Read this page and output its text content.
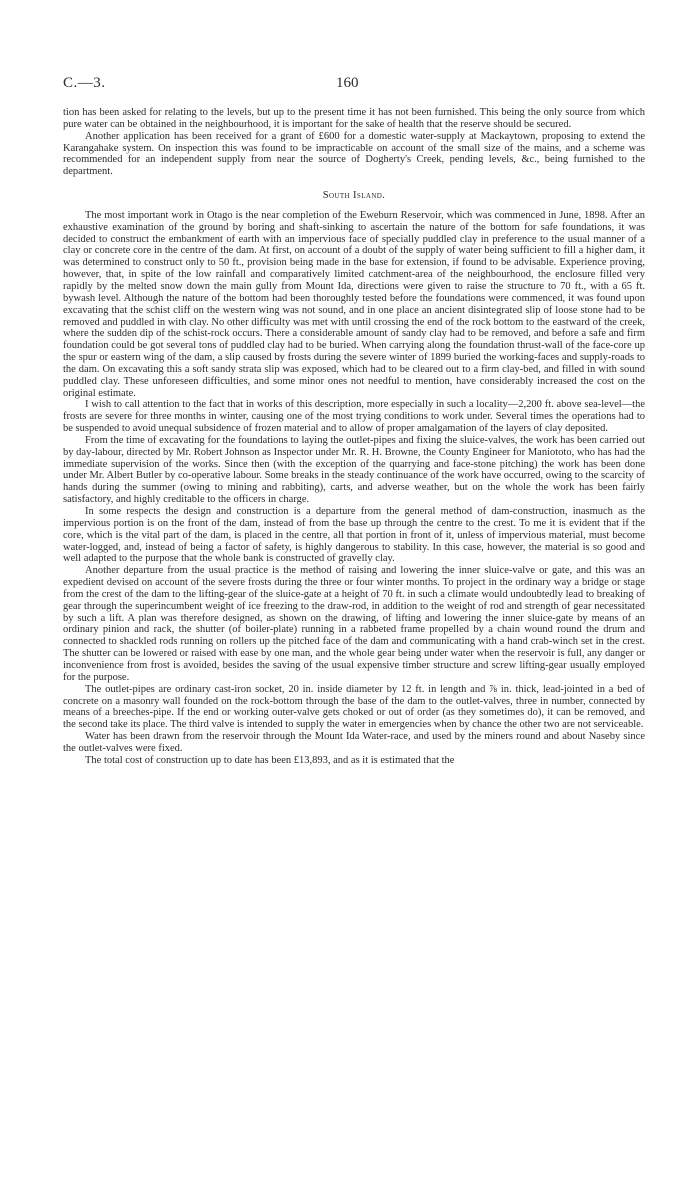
C.—3.	160

tion has been asked for relating to the levels, but up to the present time it has not been furnished. This being the only source from which pure water can be obtained in the neighbourhood, it is important for the sake of health that the reserve should be secured.

Another application has been received for a grant of £600 for a domestic water-supply at Mackaytown, proposing to extend the Karangahake system. On inspection this was found to be impracticable on account of the small size of the mains, and a scheme was recommended for an independent supply from near the source of Dogherty's Creek, pending levels, &c., being furnished to the department.

South Island.

The most important work in Otago is the near completion of the Eweburn Reservoir, which was commenced in June, 1898. After an exhaustive examination of the ground by boring and shaft-sinking to ascertain the nature of the bottom for safe foundations, it was decided to construct the embankment of earth with an impervious face of specially puddled clay in preference to the usual manner of a clay or concrete core in the centre of the dam. At first, on account of a doubt of the supply of water being sufficient to fill a higher dam, it was determined to construct only to 50 ft., provision being made in the base for extension, if found to be advisable. Experience proving, however, that, in spite of the low rainfall and comparatively limited catchment-area of the neighbourhood, the enclosure filled very rapidly by the melted snow down the main gully from Mount Ida, directions were given to raise the structure to 70 ft., with a 65 ft. bywash level. Although the nature of the bottom had been thoroughly tested before the foundations were commenced, it was found upon excavating that the schist cliff on the western wing was not sound, and in one place an ancient disintegrated slip of loose stone had to be removed and puddled in with clay. No other difficulty was met with until crossing the end of the rock bottom to the eastward of the creek, where the sudden dip of the schist-rock occurs. There a considerable amount of sandy clay had to be removed, and before a safe and firm foundation could be got several tons of puddled clay had to be buried. When carrying along the foundation thrust-wall of the face-core up the spur or eastern wing of the dam, a slip caused by frosts during the severe winter of 1899 buried the working-faces and supply-roads to the dam. On excavating this a soft sandy strata slip was exposed, which had to be cleared out to a firm clay-bed, and filled in with sound puddled clay. These unforeseen difficulties, and some minor ones not needful to mention, have considerably increased the cost on the original estimate.

I wish to call attention to the fact that in works of this description, more especially in such a locality—2,200 ft. above sea-level—the frosts are severe for three months in winter, causing one of the most trying conditions to work under. Several times the operations had to be suspended to avoid unequal subsidence of frozen material and to allow of proper amalgamation of the layers of clay deposited.

From the time of excavating for the foundations to laying the outlet-pipes and fixing the sluice-valves, the work has been carried out by day-labour, directed by Mr. Robert Johnson as Inspector under Mr. R. H. Browne, the County Engineer for Maniototo, who has had the immediate supervision of the works. Since then (with the exception of the quarrying and face-stone pitching) the work has been done under Mr. Albert Butler by co-operative labour. Some breaks in the steady continuance of the work have occurred, owing to the scarcity of hands during the summer (owing to mining and rabbiting), carts, and adverse weather, but on the whole the work has been fairly satisfactory, and highly creditable to the officers in charge.

In some respects the design and construction is a departure from the general method of dam-construction, inasmuch as the impervious portion is on the front of the dam, instead of from the base up through the centre to the crest. To me it is evident that if the core, which is the vital part of the dam, is placed in the centre, all that portion in front of it, unless of impervious material, must become water-logged, and, instead of being a factor of safety, is highly dangerous to stability. In this case, however, the material is so good and well adapted to the purpose that the whole bank is constructed of gravelly clay.

Another departure from the usual practice is the method of raising and lowering the inner sluice-valve or gate, and this was an expedient devised on account of the severe frosts during the three or four winter months. To project in the ordinary way a bridge or stage from the crest of the dam to the lifting-gear of the sluice-gate at a height of 70 ft. in such a climate would undoubtedly lead to breaking of gear through the superincumbent weight of ice freezing to the draw-rod, in addition to the weight of rod and strength of gear necessitated by such a lift. A plan was therefore designed, as shown on the drawing, of lifting and lowering the inner sluice-gate by means of an ordinary pinion and rack, the shutter (of boiler-plate) running in a rabbeted frame propelled by a chain wound round the drum and connected to shackled rods running on rollers up the pitched face of the dam and communicating with a hand crab-winch set in the crest. The shutter can be lowered or raised with ease by one man, and the whole gear being under water when the reservoir is full, any danger or inconvenience from frost is avoided, besides the saving of the usual expensive timber structure and screw lifting-gear usually employed for the purpose.

The outlet-pipes are ordinary cast-iron socket, 20 in. inside diameter by 12 ft. in length and ⅞ in. thick, lead-jointed in a bed of concrete on a masonry wall founded on the rock-bottom through the base of the dam to the outlet-valves, three in number, connected by means of a breeches-pipe. If the end or working outer-valve gets choked or out of order (as they sometimes do), it can be removed, and the second take its place. The third valve is intended to supply the water in emergencies when by chance the other two are not serviceable.

Water has been drawn from the reservoir through the Mount Ida Water-race, and used by the miners round and about Naseby since the outlet-valves were fixed.

The total cost of construction up to date has been £13,893, and as it is estimated that the
